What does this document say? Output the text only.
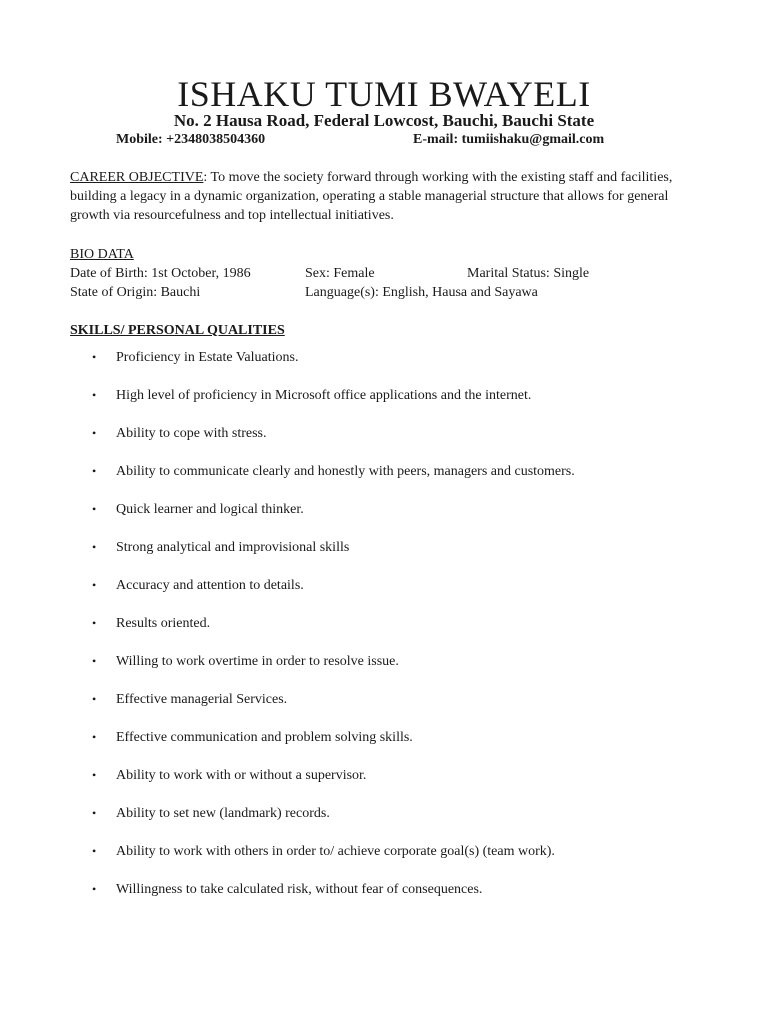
ISHAKU TUMI BWAYELI
No. 2 Hausa Road, Federal Lowcost, Bauchi, Bauchi State
Mobile: +2348038504360	E-mail: tumiishaku@gmail.com
CAREER OBJECTIVE: To move the society forward through working with the existing staff and facilities, building a legacy in a dynamic organization, operating a stable managerial structure that allows for general growth via resourcefulness and top intellectual initiatives.
BIO DATA
Date of Birth: 1st October, 1986	Sex: Female	Marital Status: Single
State of Origin: Bauchi	Language(s): English, Hausa and Sayawa
SKILLS/ PERSONAL QUALITIES
• Proficiency in Estate Valuations.
• High level of proficiency in Microsoft office applications and the internet.
• Ability to cope with stress.
• Ability to communicate clearly and honestly with peers, managers and customers.
• Quick learner and logical thinker.
• Strong analytical and improvisional skills
• Accuracy and attention to details.
• Results oriented.
• Willing to work overtime in order to resolve issue.
• Effective managerial Services.
• Effective communication and problem solving skills.
• Ability to work with or without a supervisor.
• Ability to set new (landmark) records.
• Ability to work with others in order to/ achieve corporate goal(s) (team work).
• Willingness to take calculated risk, without fear of consequences.
